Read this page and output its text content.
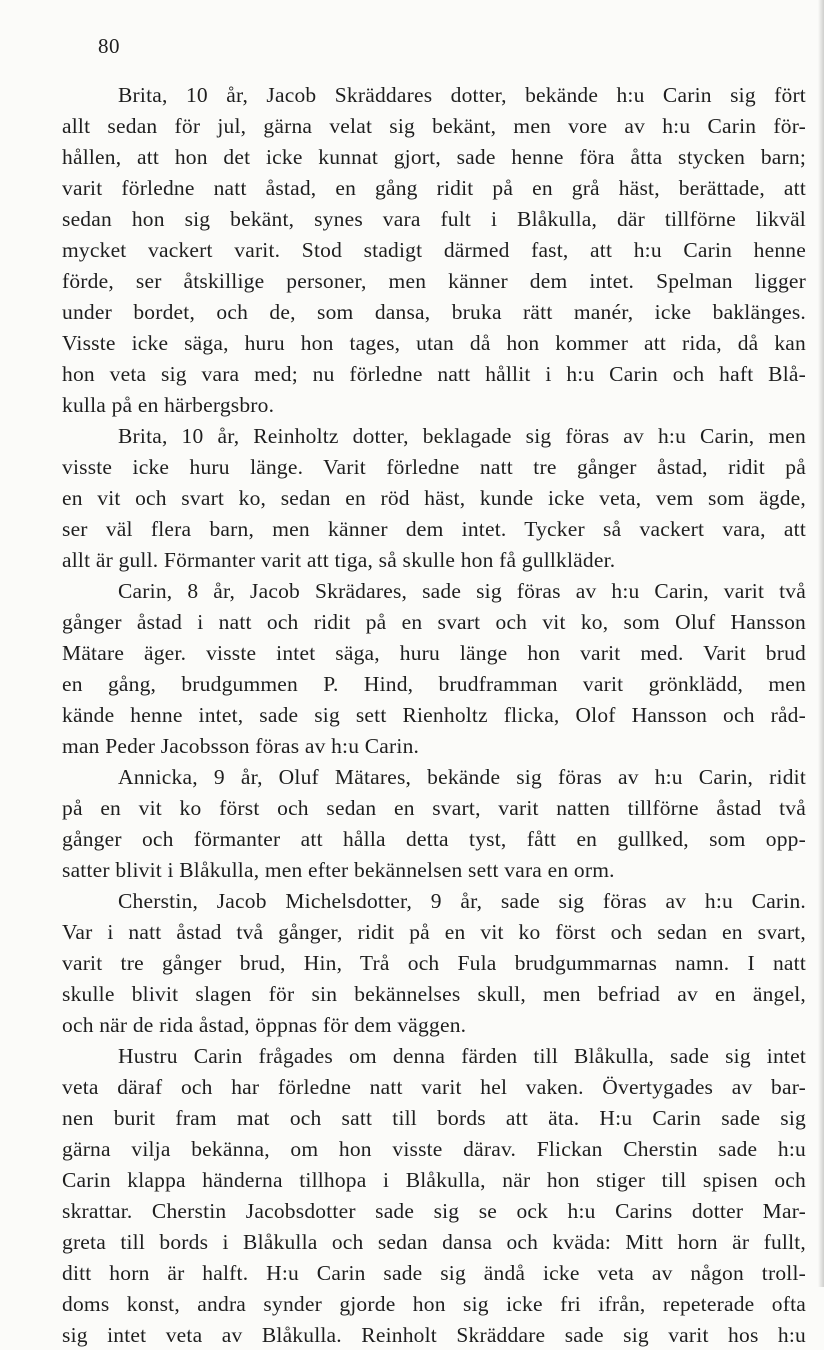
80
Brita, 10 år, Jacob Skräddares dotter, bekände h:u Carin sig fört
allt sedan för jul, gärna velat sig bekänt, men vore av h:u Carin för-
hållen, att hon det icke kunnat gjort, sade henne föra åtta stycken barn;
varit förledne natt åstad, en gång ridit på en grå häst, berättade, att
sedan hon sig bekänt, synes vara fult i Blåkulla, där tillförne likväl
mycket vackert varit. Stod stadigt därmed fast, att h:u Carin henne
förde, ser åtskillige personer, men känner dem intet. Spelman ligger
under bordet, och de, som dansa, bruka rätt manér, icke baklänges.
Visste icke säga, huru hon tages, utan då hon kommer att rida, då kan
hon veta sig vara med; nu förledne natt hållit i h:u Carin och haft Blå-
kulla på en härbergsbro.
Brita, 10 år, Reinholtz dotter, beklagade sig föras av h:u Carin, men
visste icke huru länge. Varit förledne natt tre gånger åstad, ridit på
en vit och svart ko, sedan en röd häst, kunde icke veta, vem som ägde,
ser väl flera barn, men känner dem intet. Tycker så vackert vara, att
allt är gull. Förmanter varit att tiga, så skulle hon få gullkläder.
Carin, 8 år, Jacob Skrädares, sade sig föras av h:u Carin, varit två
gånger åstad i natt och ridit på en svart och vit ko, som Oluf Hansson
Mätare äger. visste intet säga, huru länge hon varit med. Varit brud
en gång, brudgummen P. Hind, brudframman varit grönklädd, men
kände henne intet, sade sig sett Rienholtz flicka, Olof Hansson och råd-
man Peder Jacobsson föras av h:u Carin.
Annicka, 9 år, Oluf Mätares, bekände sig föras av h:u Carin, ridit
på en vit ko först och sedan en svart, varit natten tillförne åstad två
gånger och förmanter att hålla detta tyst, fått en gullked, som opp-
satter blivit i Blåkulla, men efter bekännelsen sett vara en orm.
Cherstin, Jacob Michelsdotter, 9 år, sade sig föras av h:u Carin.
Var i natt åstad två gånger, ridit på en vit ko först och sedan en svart,
varit tre gånger brud, Hin, Trå och Fula brudgummarnas namn. I natt
skulle blivit slagen för sin bekännelses skull, men befriad av en ängel,
och när de rida åstad, öppnas för dem väggen.
Hustru Carin frågades om denna färden till Blåkulla, sade sig intet
veta däraf och har förledne natt varit hel vaken. Övertygades av bar-
nen burit fram mat och satt till bords att äta. H:u Carin sade sig
gärna vilja bekänna, om hon visste därav. Flickan Cherstin sade h:u
Carin klappa händerna tillhopa i Blåkulla, när hon stiger till spisen och
skrattar. Cherstin Jacobsdotter sade sig se ock h:u Carins dotter Mar-
greta till bords i Blåkulla och sedan dansa och kväda: Mitt horn är fullt,
ditt horn är halft. H:u Carin sade sig ändå icke veta av någon troll-
doms konst, andra synder gjorde hon sig icke fri ifrån, repeterade ofta
sig intet veta av Blåkulla. Reinholt Skräddare sade sig varit hos h:u
